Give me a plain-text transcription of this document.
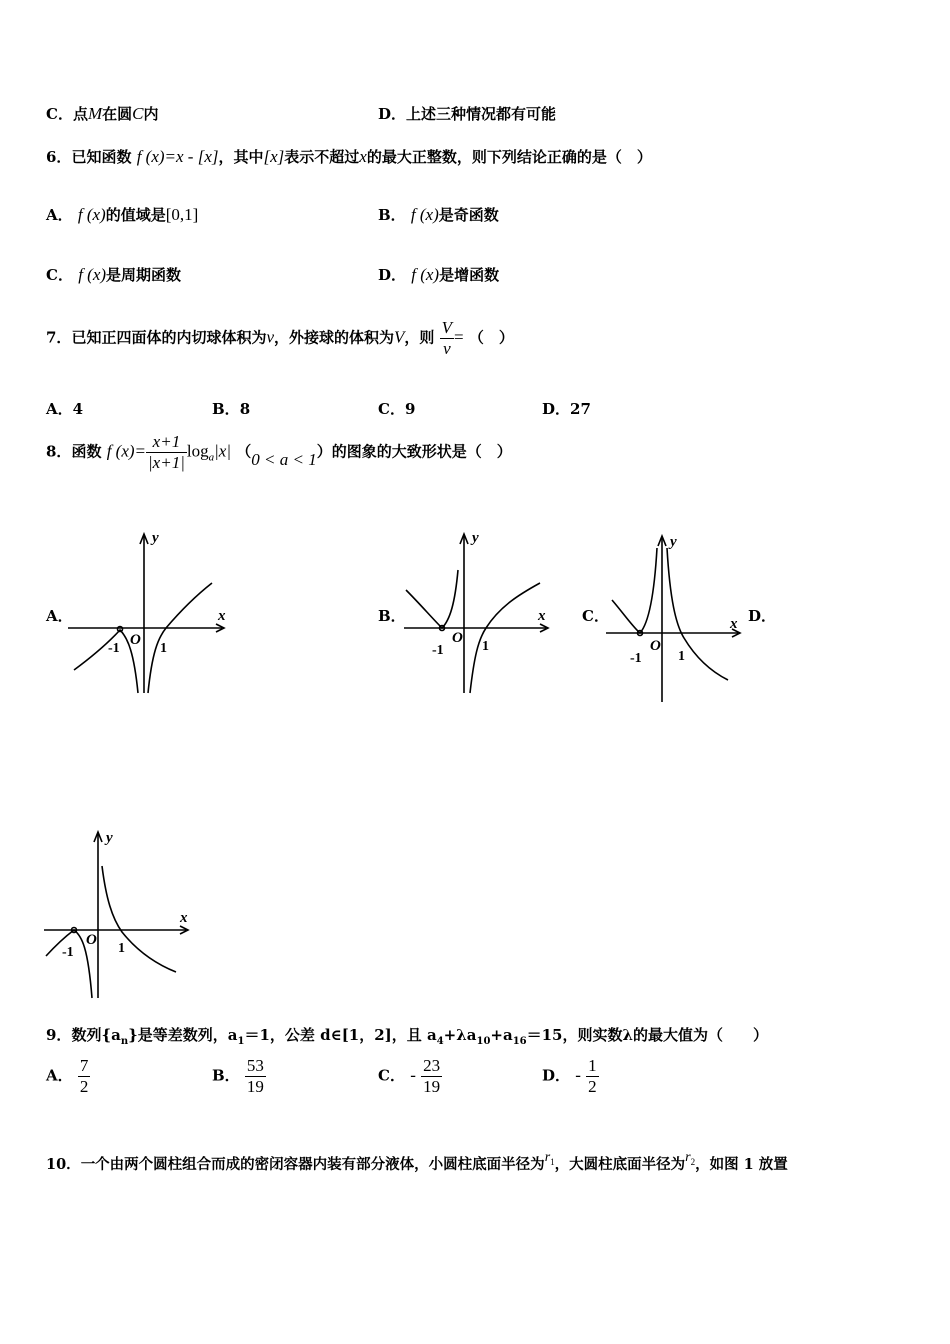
C．点M在圆C内	D．上述三种情况都有可能
6．已知函数 f (x)=x - [x]，其中[x]表示不超过x的最大正整数，则下列结论正确的是（　）
A． f (x)的值域是[0,1]	B． f (x)是奇函数
C． f (x)是周期函数	D． f (x)是增函数
7．已知正四面体的内切球体积为v，外接球的体积为V，则 $\frac{V}{v}$ = （　）
A．4	B．8	C．9	D．27
8．函数 f $(x)= \frac{x+1}{|x+1|} \log_a|x|$ （0 < a < 1）的图象的大致形状是（　）
A．	B．	C．	D．
y
x
-1
O
1
y
x
-1
O
1
y
x
-1
O
1
y
x
-1
O
1
9．数列$\{a_n\}$是等差数列，$a_1=1$，公差 d∈[1，2]，且 $a_4+\lambda a_{10}+a_{16}=15$，则实数λ的最大值为（　　）
A． $\frac{7}{2}$	B． $\frac{53}{19}$	C． - $\frac{23}{19}$	D． - $\frac{1}{2}$
10．一个由两个圆柱组合而成的密闭容器内装有部分液体，小圆柱底面半径为$r_1$，大圆柱底面半径为$r_2$，如图 1 放置
